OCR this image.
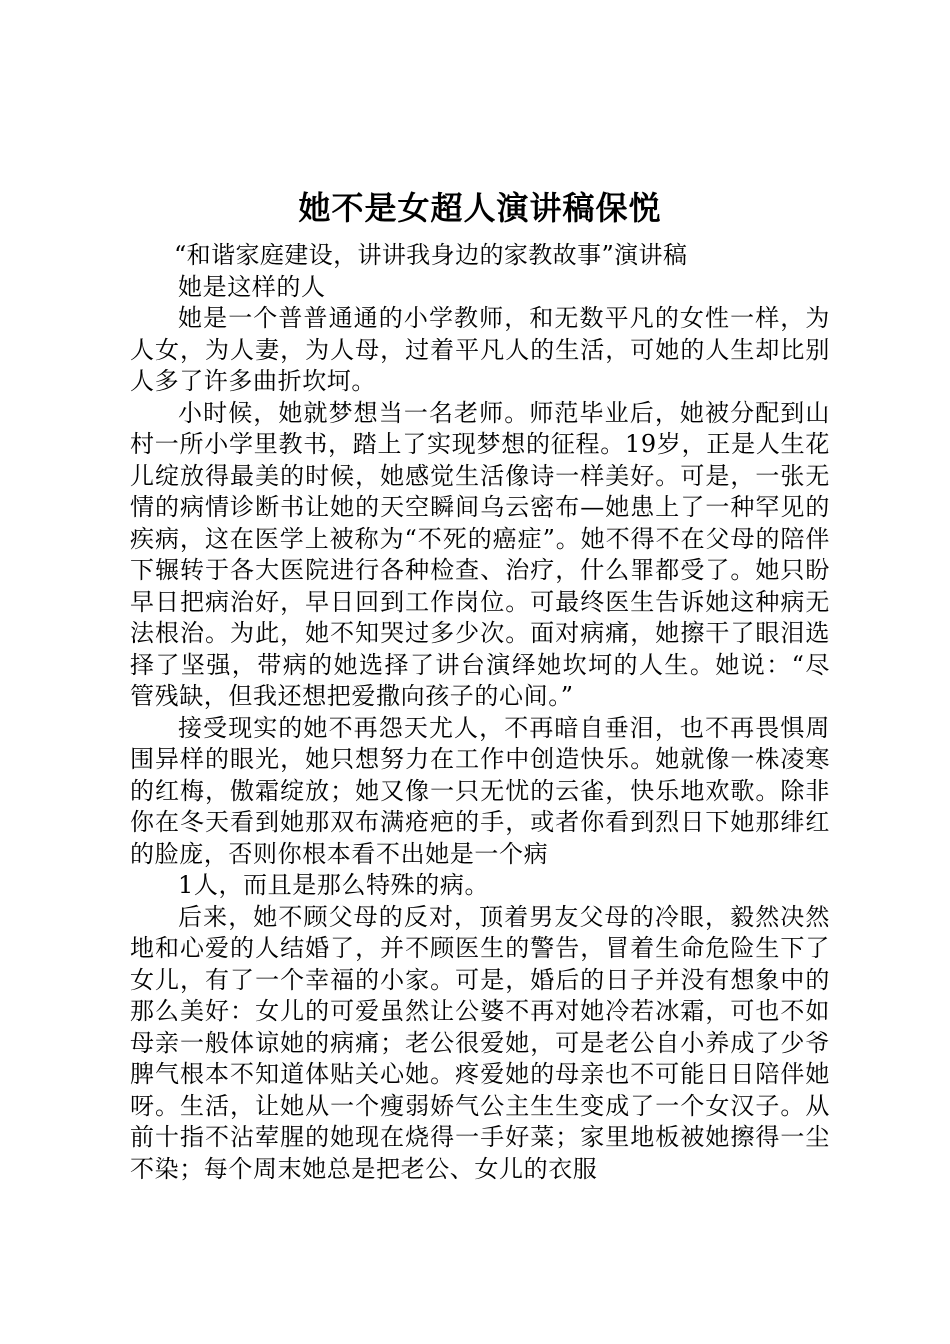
她不是女超人演讲稿保悦

“和谐家庭建设，讲讲我身边的家教故事”演讲稿

她是这样的人

她是一个普普通通的小学教师，和无数平凡的女性一样，为人女，为人妻，为人母，过着平凡人的生活，可她的人生却比别人多了许多曲折坎坷。

小时候，她就梦想当一名老师。师范毕业后，她被分配到山村一所小学里教书，踏上了实现梦想的征程。19岁，正是人生花儿绽放得最美的时候，她感觉生活像诗一样美好。可是，一张无情的病情诊断书让她的天空瞬间乌云密布—她患上了一种罕见的疾病，这在医学上被称为“不死的癌症”。她不得不在父母的陪伴下辗转于各大医院进行各种检查、治疗，什么罪都受了。她只盼早日把病治好，早日回到工作岗位。可最终医生告诉她这种病无法根治。为此，她不知哭过多少次。面对病痛，她擦干了眼泪选择了坚强，带病的她选择了讲台演绎她坎坷的人生。她说：“尽管残缺，但我还想把爱撒向孩子的心间。”

接受现实的她不再怨天尤人，不再暗自垂泪，也不再畏惧周围异样的眼光，她只想努力在工作中创造快乐。她就像一株凌寒的红梅，傲霜绽放；她又像一只无忧的云雀，快乐地欢歌。除非你在冬天看到她那双布满疮疤的手，或者你看到烈日下她那绯红的脸庞，否则你根本看不出她是一个病

1人，而且是那么特殊的病。

后来，她不顾父母的反对，顶着男友父母的冷眼，毅然决然地和心爱的人结婚了，并不顾医生的警告，冒着生命危险生下了女儿，有了一个幸福的小家。可是，婚后的日子并没有想象中的那么美好：女儿的可爱虽然让公婆不再对她冷若冰霜，可也不如母亲一般体谅她的病痛；老公很爱她，可是老公自小养成了少爷脾气根本不知道体贴关心她。疼爱她的母亲也不可能日日陪伴她呀。生活，让她从一个瘦弱娇气公主生生变成了一个女汉子。从前十指不沾荤腥的她现在烧得一手好菜；家里地板被她擦得一尘不染；每个周末她总是把老公、女儿的衣服
